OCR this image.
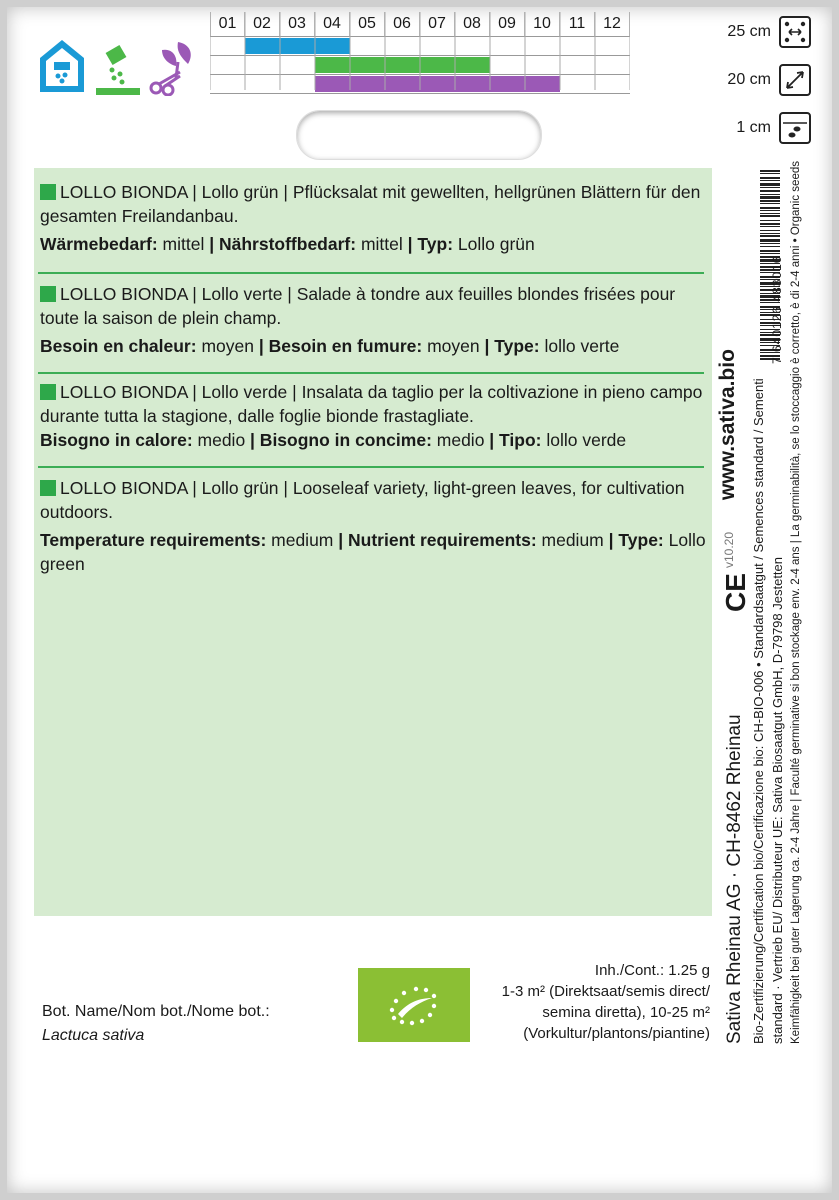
01	02	03	04	05	06	07	08	09	10	11	12	25 cm
20 cm
1 cm
LOLLO BIONDA | Lollo grün | Pflücksalat mit gewellten, hellgrünen Blättern für den gesamten Freilandanbau.
Wärmebedarf: mittel | Nährstoffbedarf: mittel | Typ: Lollo grün
LOLLO BIONDA | Lollo verte | Salade à tondre aux feuilles blondes frisées pour toute la saison de plein champ.
Besoin en chaleur: moyen | Besoin en fumure: moyen | Type: lollo verte
LOLLO BIONDA | Lollo verde | Insalata da taglio per la coltivazione in pieno campo durante tutta la stagione, dalle foglie bionde frastagliate.
Bisogno in calore: medio | Bisogno in concime: medio | Tipo: lollo verde
LOLLO BIONDA | Lollo grün | Looseleaf variety, light-green leaves, for cultivation outdoors.
Temperature requirements: medium | Nutrient requirements: medium | Type: Lollo green
Bot. Name/Nom bot./Nome bot.:
Lactuca sativa
Inh./Cont.: 1.25 g
1-3 m² (Direktsaat/semis direct/
semina diretta), 10-25 m²
(Vorkultur/plantons/piantine) Sativa Rheinau AG · CH-8462 Rheinau
www.sativa.bio
v10.20
CE Bio-Zertifizierung/Certification bio/Certificazione bio: CH-BIO-006 • Standardsaatgut / Semences standard / Sementi standard · Vertrieb EU/ Distributeur UE: Sativa Biosaatgut GmbH, D-79798 Jestetten Keimfähigkeit bei guter Lagerung ca. 2-4 Jahre | Faculté germinative si bon stockage env. 2-4 ans | La germinabilità, se lo stoccaggio è corretto, è di 2-4 anni • Organic seeds
7 640126 483016
